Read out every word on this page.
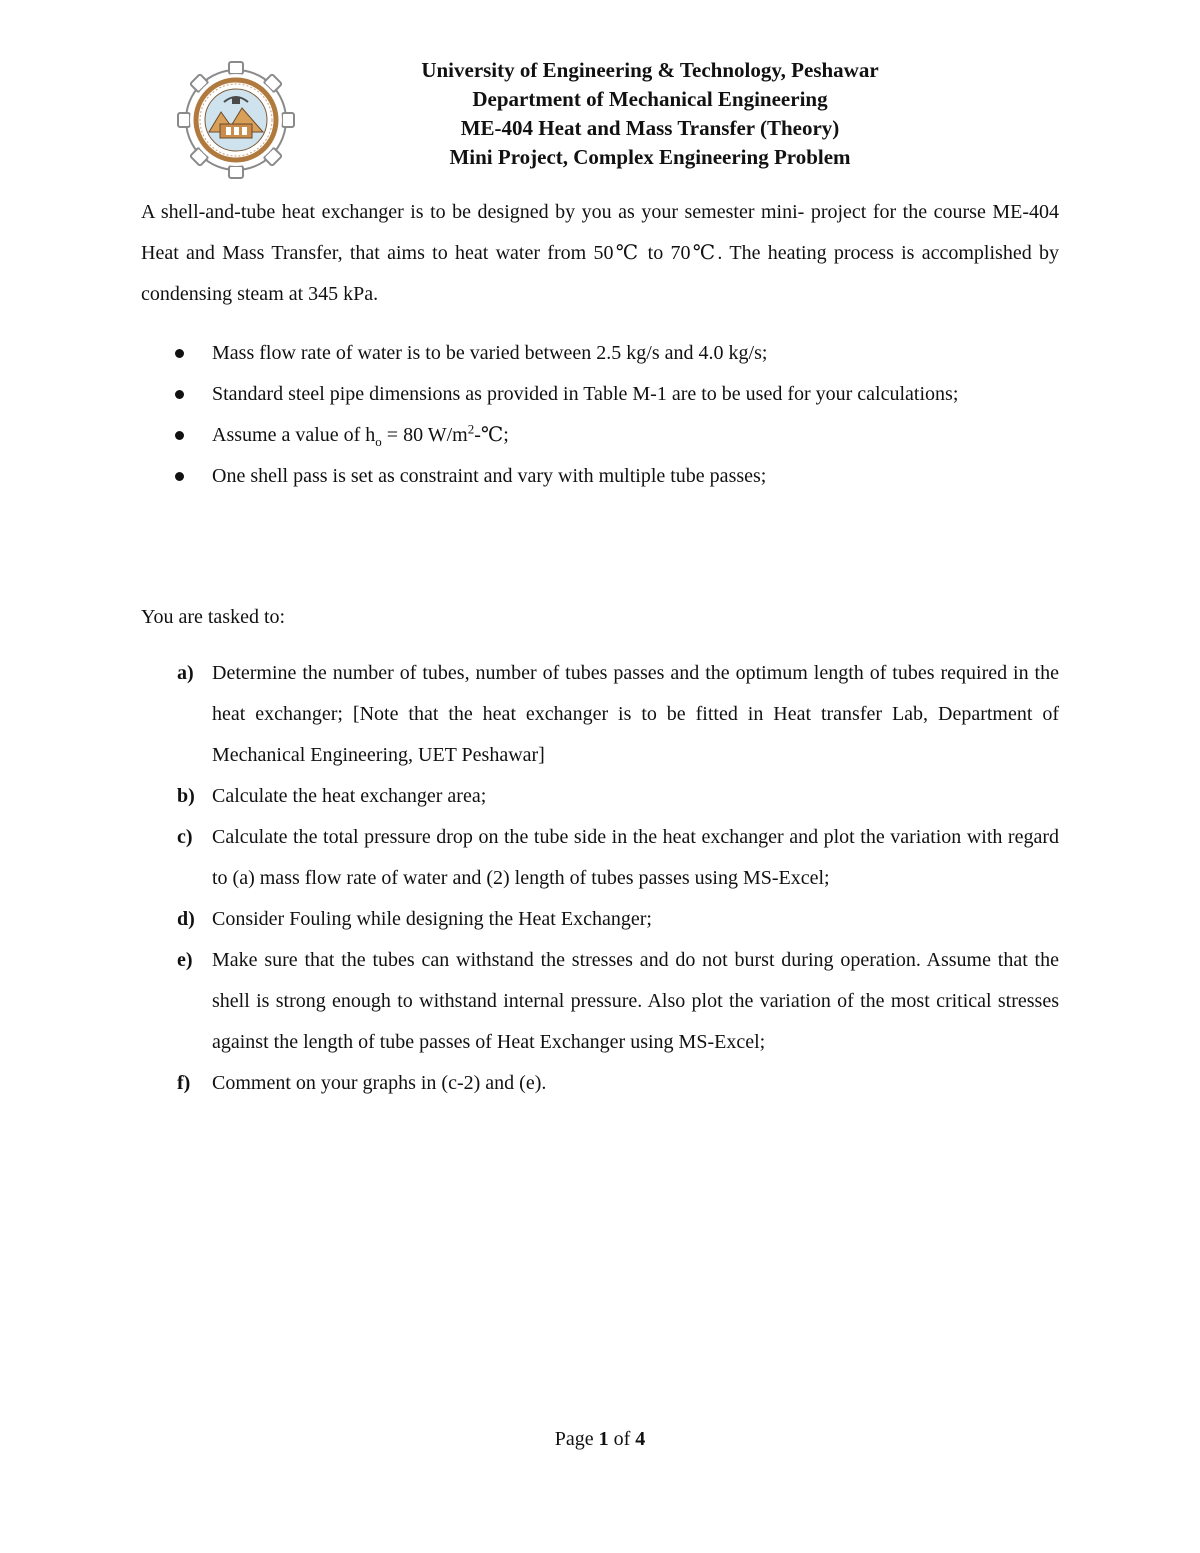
University of Engineering & Technology, Peshawar
Department of Mechanical Engineering
ME-404 Heat and Mass Transfer (Theory)
Mini Project, Complex Engineering Problem
A shell-and-tube heat exchanger is to be designed by you as your semester mini- project for the course ME-404 Heat and Mass Transfer, that aims to heat water from 50℃ to 70℃. The heating process is accomplished by condensing steam at 345 kPa.
Mass flow rate of water is to be varied between 2.5 kg/s and 4.0 kg/s;
Standard steel pipe dimensions as provided in Table M-1 are to be used for your calculations;
Assume a value of $h_o = 80$ $W/m^2-℃$;
One shell pass is set as constraint and vary with multiple tube passes;
You are tasked to:
a) Determine the number of tubes, number of tubes passes and the optimum length of tubes required in the heat exchanger; [Note that the heat exchanger is to be fitted in Heat transfer Lab, Department of Mechanical Engineering, UET Peshawar]
b) Calculate the heat exchanger area;
c) Calculate the total pressure drop on the tube side in the heat exchanger and plot the variation with regard to (a) mass flow rate of water and (2) length of tubes passes using MS-Excel;
d) Consider Fouling while designing the Heat Exchanger;
e) Make sure that the tubes can withstand the stresses and do not burst during operation. Assume that the shell is strong enough to withstand internal pressure. Also plot the variation of the most critical stresses against the length of tube passes of Heat Exchanger using MS-Excel;
f) Comment on your graphs in (c-2) and (e).
Page 1 of 4
